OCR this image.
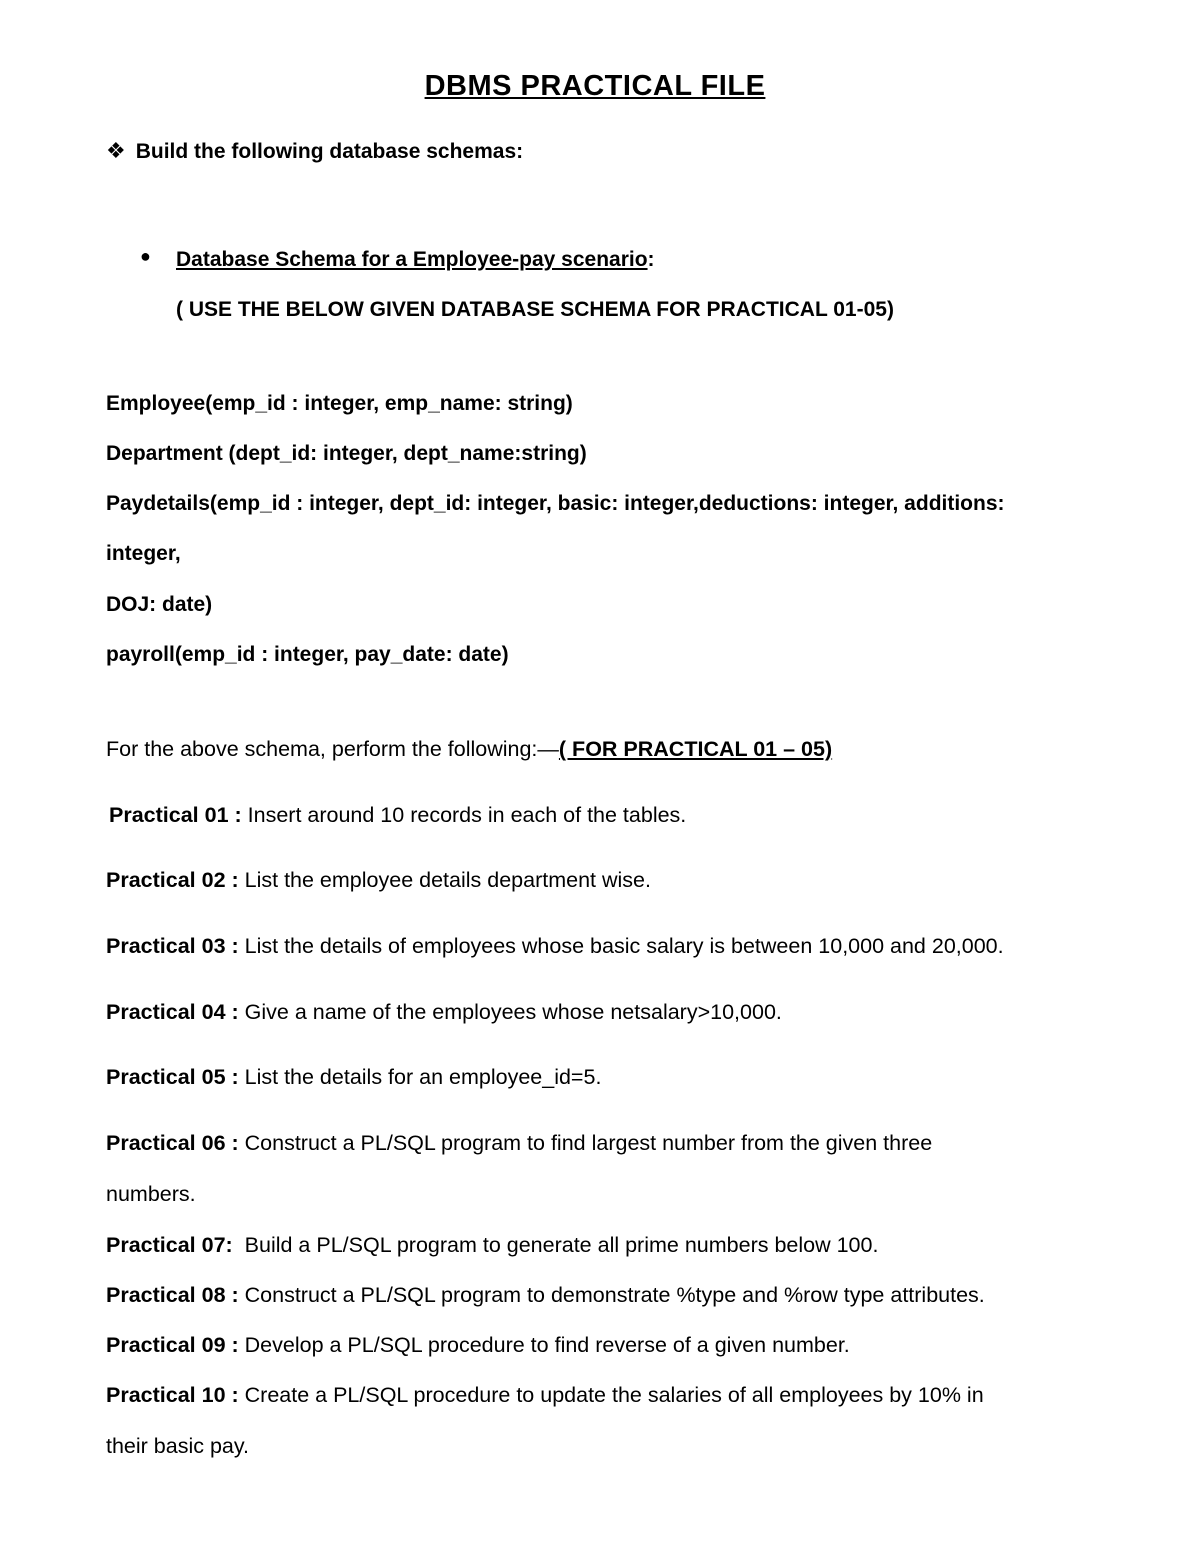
DBMS PRACTICAL FILE
❖ Build the following database schemas:
● Database Schema for a Employee-pay scenario:
( USE THE BELOW GIVEN DATABASE SCHEMA FOR PRACTICAL 01-05)
Employee(emp_id : integer, emp_name: string)
Department (dept_id: integer, dept_name:string)
Paydetails(emp_id : integer, dept_id: integer, basic: integer,deductions: integer, additions:
integer,
DOJ: date)
payroll(emp_id : integer, pay_date: date)
For the above schema, perform the following:—( FOR PRACTICAL 01 – 05)
Practical 01 : Insert around 10 records in each of the tables.
Practical 02 : List the employee details department wise.
Practical 03 : List the details of employees whose basic salary is between 10,000 and 20,000.
Practical 04 : Give a name of the employees whose netsalary>10,000.
Practical 05 : List the details for an employee_id=5.
Practical 06 : Construct a PL/SQL program to find largest number from the given three
numbers.
Practical 07:  Build a PL/SQL program to generate all prime numbers below 100.
Practical 08 : Construct a PL/SQL program to demonstrate %type and %row type attributes.
Practical 09 : Develop a PL/SQL procedure to find reverse of a given number.
Practical 10 : Create a PL/SQL procedure to update the salaries of all employees by 10% in
their basic pay.
